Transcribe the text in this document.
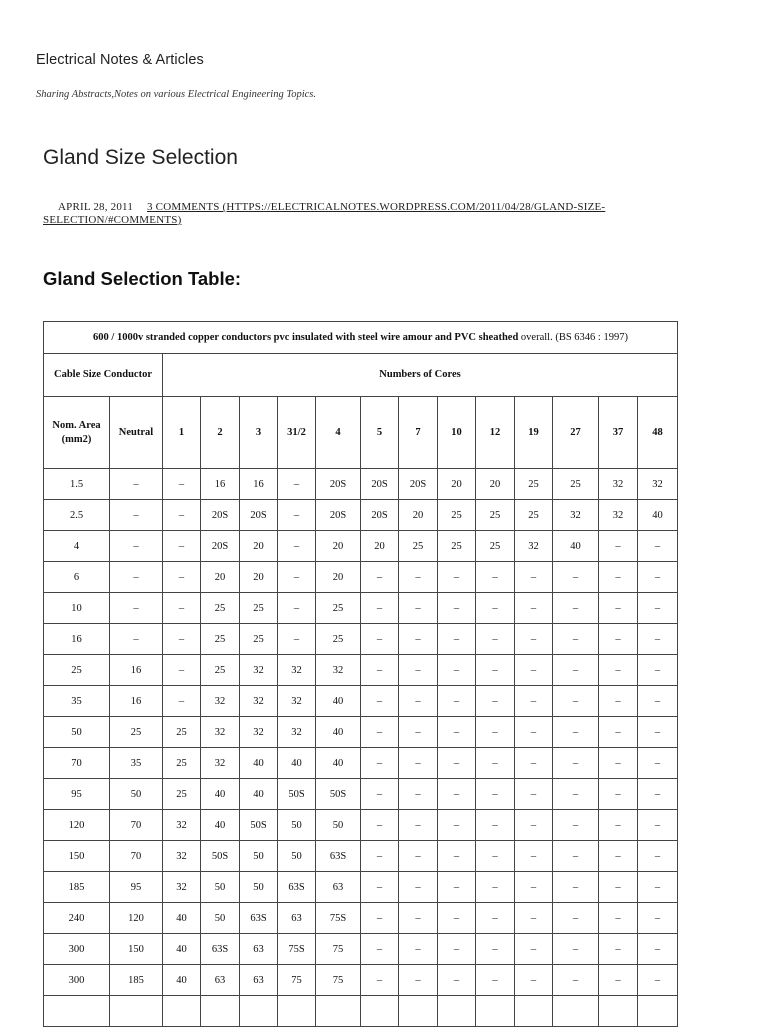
Electrical Notes & Articles
Sharing Abstracts,Notes on various Electrical Engineering Topics.
Gland Size Selection
APRIL 28, 2011 3 COMMENTS (HTTPS://ELECTRICALNOTES.WORDPRESS.COM/2011/04/28/GLAND-SIZE-SELECTION/#COMMENTS)
Gland Selection Table:
600 / 1000v stranded copper conductors pvc insulated with steel wire amour and PVC sheathed overall. (BS 6346 : 1997)														
Cable Size Conductor		Numbers of Cores												
Nom. Area (mm2)	Neutral	1	2	3	31/2	4	5	7	10	12	19	27	37	48
1.5	–	–	16	16	–	20S	20S	20S	20	20	25	25	32	32
2.5	–	–	20S	20S	–	20S	20S	20	25	25	25	32	32	40
4	–	–	20S	20	–	20	20	25	25	25	32	40	–	–
6	–	–	20	20	–	20	–	–	–	–	–	–	–	–
10	–	–	25	25	–	25	–	–	–	–	–	–	–	–
16	–	–	25	25	–	25	–	–	–	–	–	–	–	–
25	16	–	25	32	32	32	–	–	–	–	–	–	–	–
35	16	–	32	32	32	40	–	–	–	–	–	–	–	–
50	25	25	32	32	32	40	–	–	–	–	–	–	–	–
70	35	25	32	40	40	40	–	–	–	–	–	–	–	–
95	50	25	40	40	50S	50S	–	–	–	–	–	–	–	–
120	70	32	40	50S	50	50	–	–	–	–	–	–	–	–
150	70	32	50S	50	50	63S	–	–	–	–	–	–	–	–
185	95	32	50	50	63S	63	–	–	–	–	–	–	–	–
240	120	40	50	63S	63	75S	–	–	–	–	–	–	–	–
300	150	40	63S	63	75S	75	–	–	–	–	–	–	–	–
300	185	40	63	63	75	75	–	–	–	–	–	–	–	–
